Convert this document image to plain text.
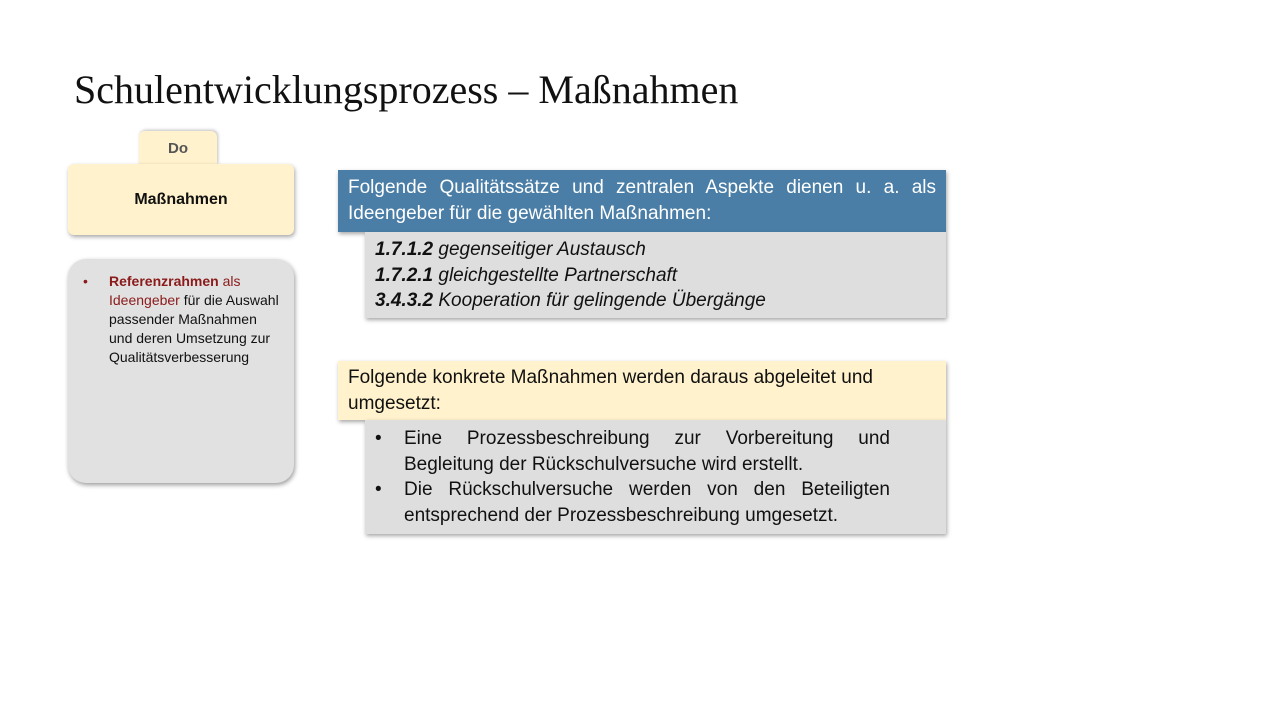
Schulentwicklungsprozess – Maßnahmen
Do
Maßnahmen
•	Referenzrahmen als Ideengeber für die Auswahl passender Maßnahmen und deren Umsetzung zur Qualitätsverbesserung
Folgende Qualitätssätze und zentralen Aspekte dienen u. a. als Ideengeber für die gewählten Maßnahmen:
1.7.1.2 gegenseitiger Austausch
1.7.2.1 gleichgestellte Partnerschaft
3.4.3.2 Kooperation für gelingende Übergänge
Folgende konkrete Maßnahmen werden daraus abgeleitet und umgesetzt:
•	Eine Prozessbeschreibung zur Vorbereitung und
Begleitung der Rückschulversuche wird erstellt.
•	Die Rückschulversuche werden von den Beteiligten
entsprechend der Prozessbeschreibung umgesetzt.
